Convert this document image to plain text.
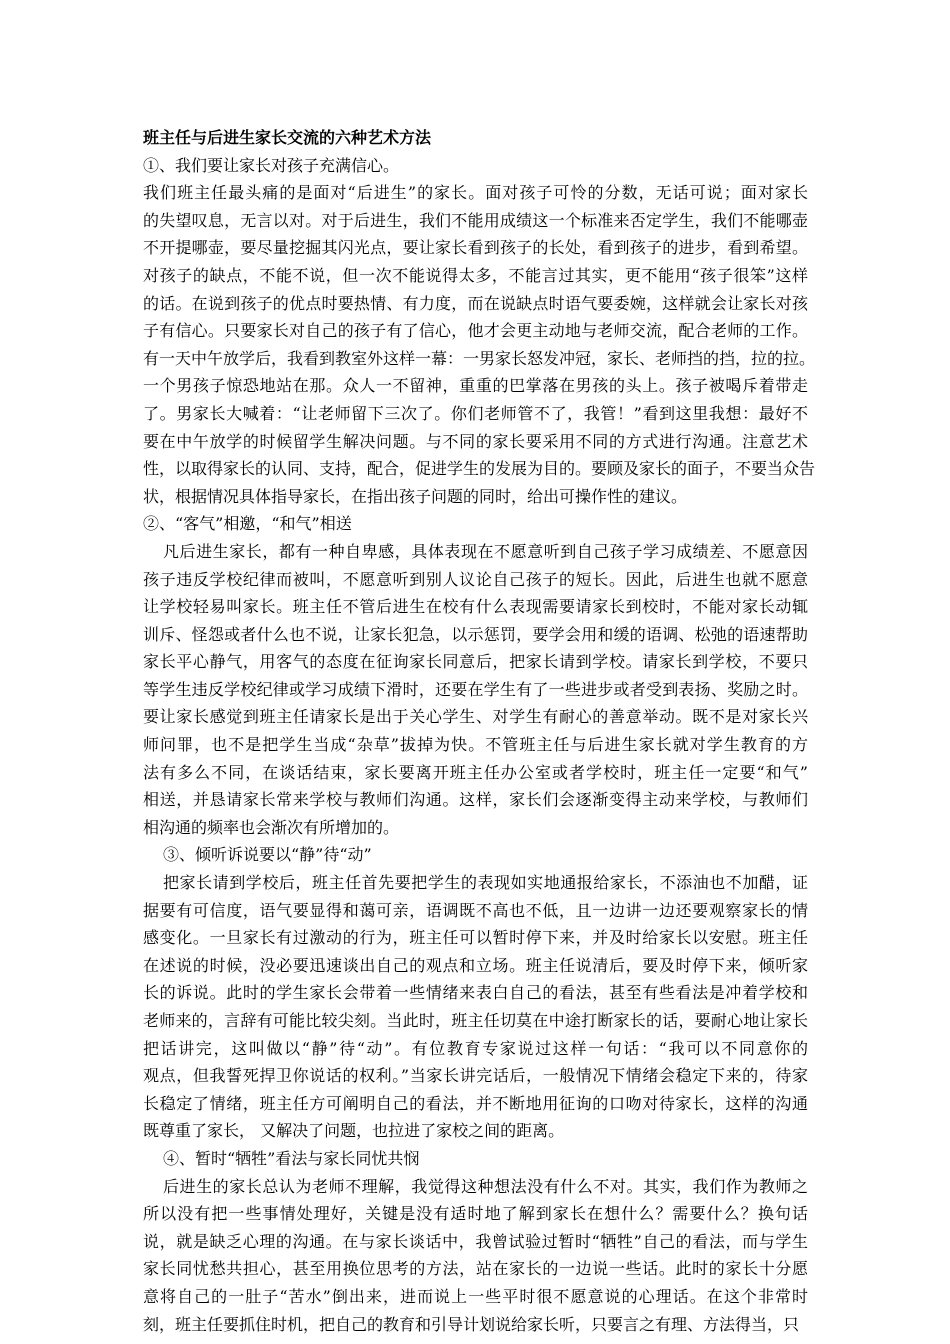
班主任与后进生家长交流的六种艺术方法
①、我们要让家长对孩子充满信心。
我们班主任最头痛的是面对“后进生”的家长。面对孩子可怜的分数，无话可说；面对家长
的失望叹息，无言以对。对于后进生，我们不能用成绩这一个标准来否定学生，我们不能哪壶
不开提哪壶，要尽量挖掘其闪光点，要让家长看到孩子的长处，看到孩子的进步，看到希望。
对孩子的缺点，不能不说，但一次不能说得太多，不能言过其实，更不能用“孩子很笨”这样
的话。在说到孩子的优点时要热情、有力度，而在说缺点时语气要委婉，这样就会让家长对孩
子有信心。只要家长对自己的孩子有了信心，他才会更主动地与老师交流，配合老师的工作。
有一天中午放学后，我看到教室外这样一幕：一男家长怒发冲冠，家长、老师挡的挡，拉的拉。
一个男孩子惊恐地站在那。众人一不留神，重重的巴掌落在男孩的头上。孩子被喝斥着带走
了。男家长大喊着：“让老师留下三次了。你们老师管不了，我管！”看到这里我想：最好不
要在中午放学的时候留学生解决问题。与不同的家长要采用不同的方式进行沟通。注意艺术
性，以取得家长的认同、支持，配合，促进学生的发展为目的。要顾及家长的面子，不要当众告
状，根据情况具体指导家长，在指出孩子问题的同时，给出可操作性的建议。
②、“客气”相邀，“和气”相送
凡后进生家长，都有一种自卑感，具体表现在不愿意听到自己孩子学习成绩差、不愿意因
孩子违反学校纪律而被叫，不愿意听到别人议论自己孩子的短长。因此，后进生也就不愿意
让学校轻易叫家长。班主任不管后进生在校有什么表现需要请家长到校时，不能对家长动辄
训斥、怪怨或者什么也不说，让家长犯急，以示惩罚，要学会用和缓的语调、松弛的语速帮助
家长平心静气，用客气的态度在征询家长同意后，把家长请到学校。请家长到学校，不要只
等学生违反学校纪律或学习成绩下滑时，还要在学生有了一些进步或者受到表扬、奖励之时。
要让家长感觉到班主任请家长是出于关心学生、对学生有耐心的善意举动。既不是对家长兴
师问罪，也不是把学生当成“杂草”拔掉为快。不管班主任与后进生家长就对学生教育的方
法有多么不同，在谈话结束，家长要离开班主任办公室或者学校时，班主任一定要“和气”
相送，并恳请家长常来学校与教师们沟通。这样，家长们会逐渐变得主动来学校，与教师们
相沟通的频率也会渐次有所增加的。
③、倾听诉说要以“静”待“动”
把家长请到学校后，班主任首先要把学生的表现如实地通报给家长，不添油也不加醋，证
据要有可信度，语气要显得和蔼可亲，语调既不高也不低，且一边讲一边还要观察家长的情
感变化。一旦家长有过激动的行为，班主任可以暂时停下来，并及时给家长以安慰。班主任
在述说的时候，没必要迅速谈出自己的观点和立场。班主任说清后，要及时停下来，倾听家
长的诉说。此时的学生家长会带着一些情绪来表白自己的看法，甚至有些看法是冲着学校和
老师来的，言辞有可能比较尖刻。当此时，班主任切莫在中途打断家长的话，要耐心地让家长
把话讲完，这叫做以“静”待“动”。有位教育专家说过这样一句话：“我可以不同意你的
观点，但我誓死捍卫你说话的权利。”当家长讲完话后，一般情况下情绪会稳定下来的，待家
长稳定了情绪，班主任方可阐明自己的看法，并不断地用征询的口吻对待家长，这样的沟通
既尊重了家长， 又解决了问题，也拉进了家校之间的距离。
④、暂时“牺牲”看法与家长同忧共悯
后进生的家长总认为老师不理解，我觉得这种想法没有什么不对。其实，我们作为教师之
所以没有把一些事情处理好，关键是没有适时地了解到家长在想什么？需要什么？换句话
说，就是缺乏心理的沟通。在与家长谈话中，我曾试验过暂时“牺牲”自己的看法，而与学生
家长同忧愁共担心，甚至用换位思考的方法，站在家长的一边说一些话。此时的家长十分愿
意将自己的一肚子“苦水”倒出来，进而说上一些平时很不愿意说的心理话。在这个非常时
刻，班主任要抓住时机，把自己的教育和引导计划说给家长听，只要言之有理、方法得当，只
